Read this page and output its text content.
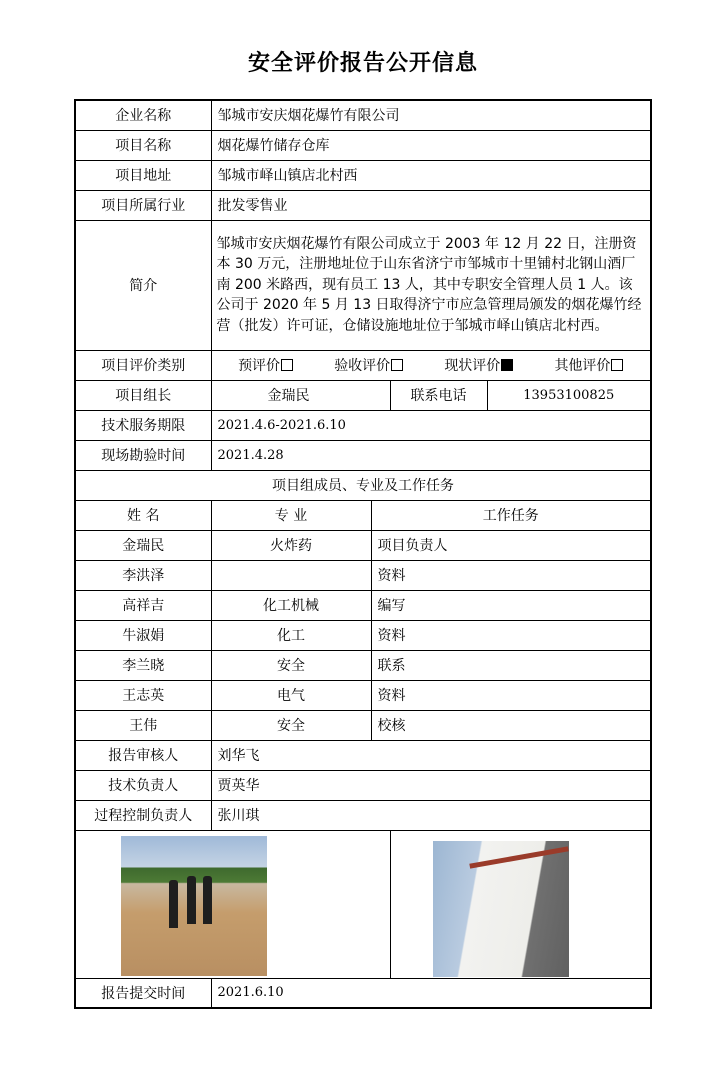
安全评价报告公开信息
企业名称	邹城市安庆烟花爆竹有限公司			
项目名称	烟花爆竹储存仓库			
项目地址	邹城市峄山镇店北村西			
项目所属行业	批发零售业			
简介	邹城市安庆烟花爆竹有限公司成立于 2003 年 12 月 22 日，注册资本 30 万元，注册地址位于山东省济宁市邹城市十里铺村北钢山酒厂南 200 米路西，现有员工 13 人，其中专职安全管理人员 1 人。该公司于 2020 年 5 月 13 日取得济宁市应急管理局颁发的烟花爆竹经营（批发）许可证，仓储设施地址位于邹城市峄山镇店北村西。			
项目评价类别	预评价 验收评价 现状评价 其他评价			

项目组长	金瑞民		联系电话	13953100825
技术服务期限	2021.4.6-2021.6.10			
现场勘验时间	2021.4.28			
项目组成员、专业及工作任务				
姓 名	专 业	工作任务		
金瑞民	火炸药	项目负责人		
李洪泽		资料		
高祥吉	化工机械	编写		
牛淑娟	化工	资料		
李兰晓	安全	联系		
王志英	电气	资料		
王伟	安全	校核		
报告审核人	刘华飞			
技术负责人	贾英华			
过程控制负责人	张川琪			

报告提交时间	2021.6.10			
